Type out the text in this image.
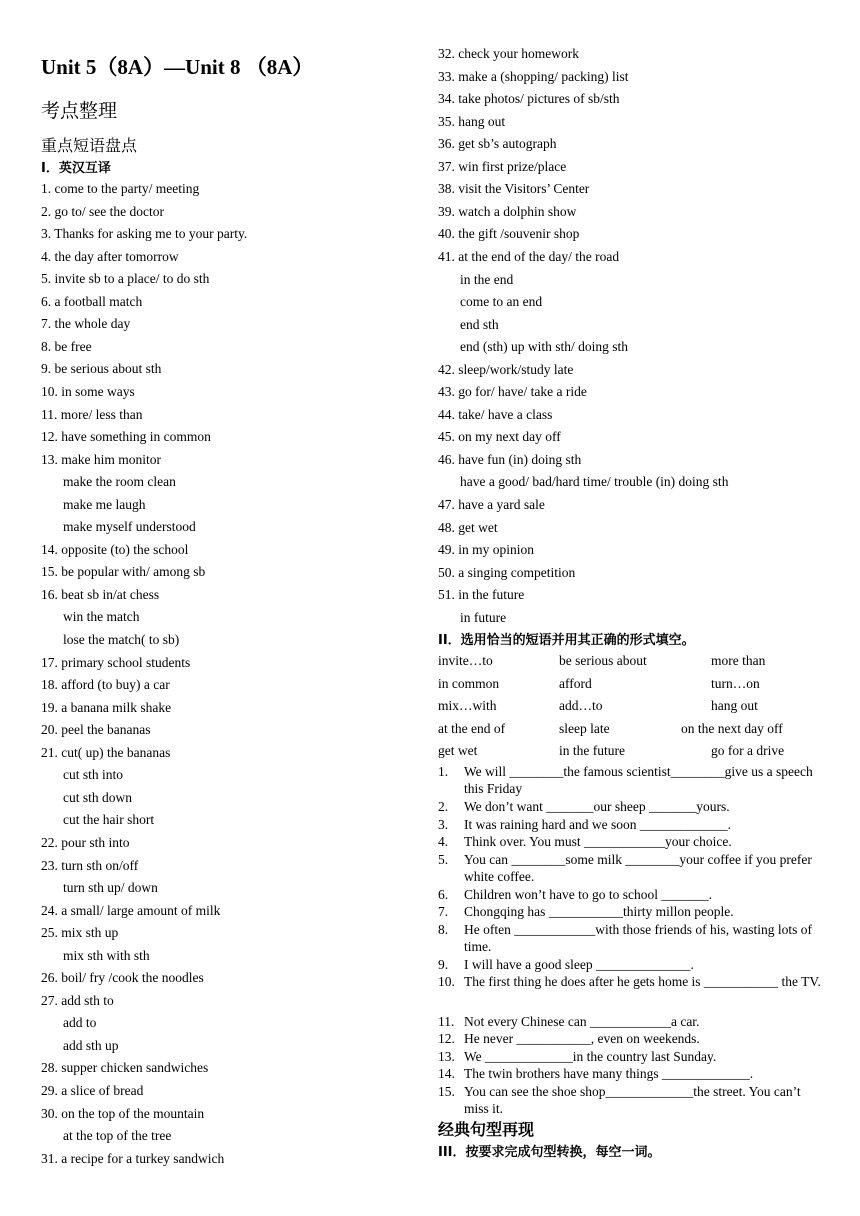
Unit 5（8A）—Unit 8 （8A）
考点整理
重点短语盘点
I．英汉互译
1. come to the party/ meeting
2. go to/ see the doctor
3. Thanks for asking me to your party.
4. the day after tomorrow
5. invite sb to a place/ to do sth
6. a football match
7. the whole day
8. be free
9. be serious about sth
10. in some ways
11. more/ less than
12. have something in common
13. make him monitor
make the room clean
make me laugh
make myself understood
14. opposite (to) the school
15. be popular with/ among sb
16. beat sb in/at chess
win the match
lose the match( to sb)
17. primary school students
18. afford (to buy) a car
19. a banana milk shake
20. peel the bananas
21. cut( up) the bananas
cut sth into
cut sth down
cut the hair short
22. pour sth into
23. turn sth on/off
turn sth up/ down
24. a small/ large amount of milk
25. mix sth up
mix sth with sth
26. boil/ fry /cook the noodles
27. add sth to
add to
add sth up
28. supper chicken sandwiches
29. a slice of bread
30. on the top of the mountain
at the top of the tree
31. a recipe for a turkey sandwich
32. check your homework
33. make a (shopping/ packing) list
34. take photos/ pictures of sb/sth
35. hang out
36. get sb’s autograph
37. win first prize/place
38. visit the Visitors’ Center
39. watch a dolphin show
40. the gift /souvenir shop
41. at the end of the day/ the road
in the end
come to an end
end sth
end (sth) up with sth/ doing sth
42. sleep/work/study late
43. go for/ have/ take a ride
44. take/ have a class
45. on my next day off
46. have fun (in) doing sth
have a good/ bad/hard time/ trouble (in) doing sth
47. have a yard sale
48. get wet
49. in my opinion
50. a singing competition
51. in the future
in future
II．选用恰当的短语并用其正确的形式填空。
invite…to	be serious about	more than
in common	afford	turn…on
mix…with	add…to	hang out
at the end of	sleep late	on the next day off
get wet	in the future	go for a drive
1. We will ________the famous scientist________give us a speech this Friday
2. We don’t want _______our sheep _______yours.
3. It was raining hard and we soon _____________.
4. Think over. You must ____________your choice.
5. You can ________some milk ________your coffee if you prefer white coffee.
6. Children won’t have to go to school _______.
7. Chongqing has ___________thirty millon people.
8. He often ____________with those friends of his, wasting lots of time.
9. I will have a good sleep ______________.
10. The first thing he does after he gets home is ___________ the TV.
11. Not every Chinese can ____________a car.
12. He never ___________, even on weekends.
13. We _____________in the country last Sunday.
14. The twin brothers have many things _____________.
15. You can see the shoe shop_____________the street. You can’t miss it.
经典句型再现
III．按要求完成句型转换，每空一词。
